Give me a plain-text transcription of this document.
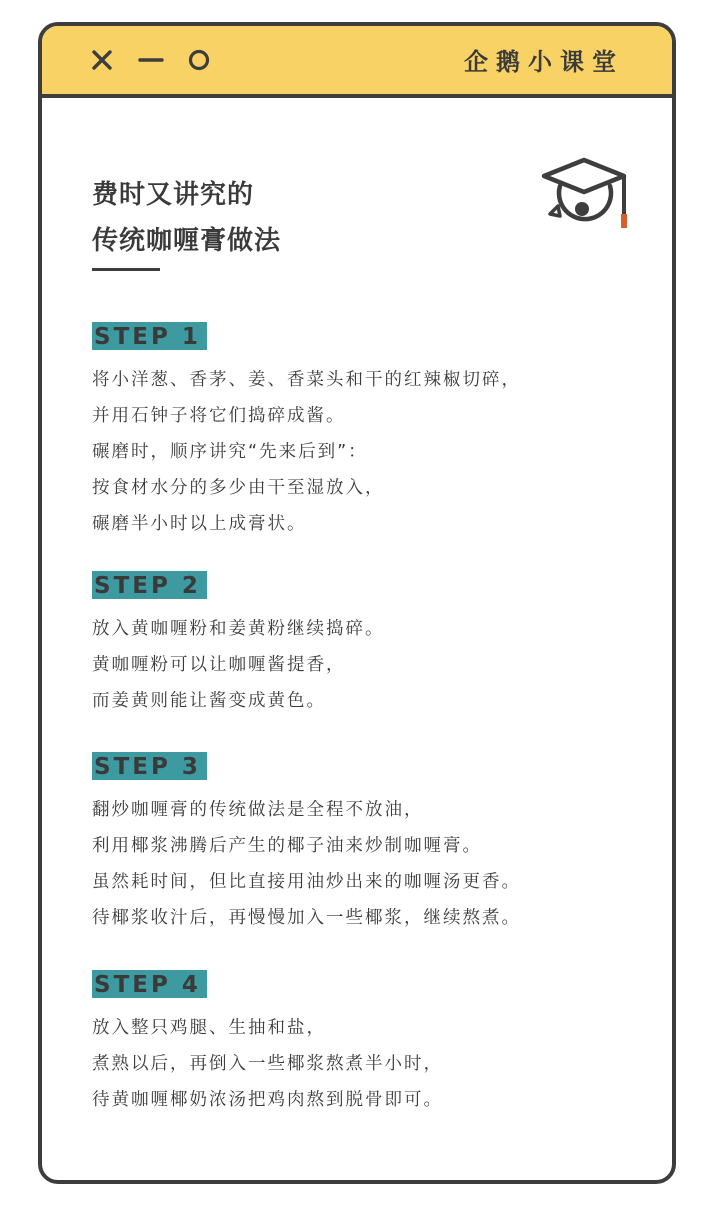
企鹅小课堂
费时又讲究的
传统咖喱膏做法
STEP 1
将小洋葱、香茅、姜、香菜头和干的红辣椒切碎，
并用石钟子将它们捣碎成酱。
碾磨时，顺序讲究“先来后到”：
按食材水分的多少由干至湿放入，
碾磨半小时以上成膏状。
STEP 2
放入黄咖喱粉和姜黄粉继续捣碎。
黄咖喱粉可以让咖喱酱提香，
而姜黄则能让酱变成黄色。
STEP 3
翻炒咖喱膏的传统做法是全程不放油，
利用椰浆沸腾后产生的椰子油来炒制咖喱膏。
虽然耗时间，但比直接用油炒出来的咖喱汤更香。
待椰浆收汁后，再慢慢加入一些椰浆，继续熬煮。
STEP 4
放入整只鸡腿、生抽和盐，
煮熟以后，再倒入一些椰浆熬煮半小时，
待黄咖喱椰奶浓汤把鸡肉熬到脱骨即可。
